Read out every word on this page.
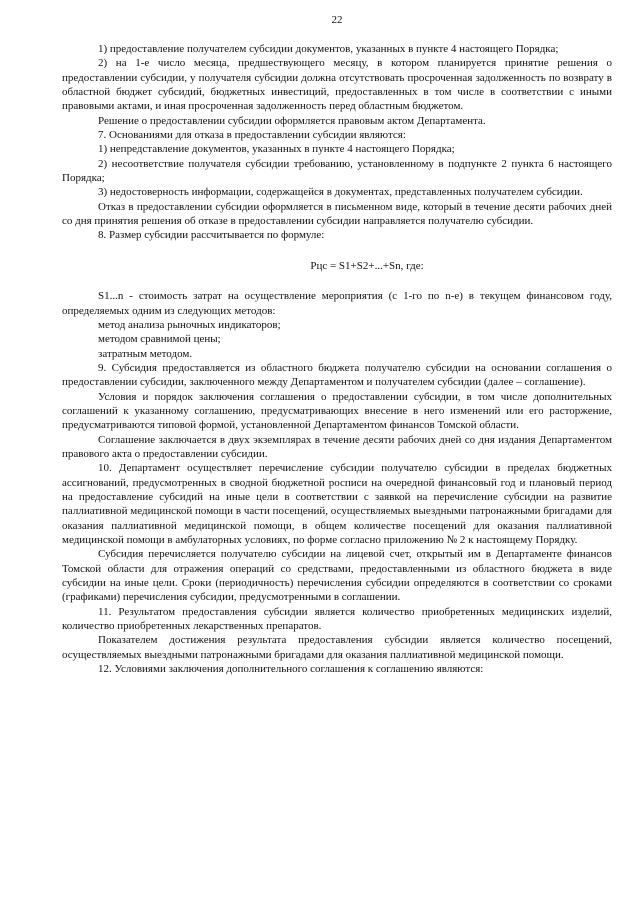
22

1) предоставление получателем субсидии документов, указанных в пункте 4 настоящего Порядка;

2) на 1-е число месяца, предшествующего месяцу, в котором планируется принятие решения о предоставлении субсидии, у получателя субсидии должна отсутствовать просроченная задолженность по возврату в областной бюджет субсидий, бюджетных инвестиций, предоставленных в том числе в соответствии с иными правовыми актами, и иная просроченная задолженность перед областным бюджетом.

Решение о предоставлении субсидии оформляется правовым актом Департамента.

7. Основаниями для отказа в предоставлении субсидии являются:

1) непредставление документов, указанных в пункте 4 настоящего Порядка;

2) несоответствие получателя субсидии требованию, установленному в подпункте 2 пункта 6 настоящего Порядка;

3) недостоверность информации, содержащейся в документах, представленных получателем субсидии.

Отказ в предоставлении субсидии оформляется в письменном виде, который в течение десяти рабочих дней со дня принятия решения об отказе в предоставлении субсидии направляется получателю субсидии.

8. Размер субсидии рассчитывается по формуле:

Рцс = S1+S2+...+Sn, где:

S1...n - стоимость затрат на осуществление мероприятия (с 1-го по n-е) в текущем финансовом году, определяемых одним из следующих методов:

метод анализа рыночных индикаторов;

методом сравнимой цены;

затратным методом.

9. Субсидия предоставляется из областного бюджета получателю субсидии на основании соглашения о предоставлении субсидии, заключенного между Департаментом и получателем субсидии (далее – соглашение).

Условия и порядок заключения соглашения о предоставлении субсидии, в том числе дополнительных соглашений к указанному соглашению, предусматривающих внесение в него изменений или его расторжение, предусматриваются типовой формой, установленной Департаментом финансов Томской области.

Соглашение заключается в двух экземплярах в течение десяти рабочих дней со дня издания Департаментом правового акта о предоставлении субсидии.

10. Департамент осуществляет перечисление субсидии получателю субсидии в пределах бюджетных ассигнований, предусмотренных в сводной бюджетной росписи на очередной финансовый год и плановый период на предоставление субсидий на иные цели в соответствии с заявкой на перечисление субсидии на развитие паллиативной медицинской помощи в части посещений, осуществляемых выездными патронажными бригадами для оказания паллиативной медицинской помощи, в общем количестве посещений для оказания паллиативной медицинской помощи в амбулаторных условиях, по форме согласно приложению № 2 к настоящему Порядку.

Субсидия перечисляется получателю субсидии на лицевой счет, открытый им в Департаменте финансов Томской области для отражения операций со средствами, предоставленными из областного бюджета в виде субсидии на иные цели. Сроки (периодичность) перечисления субсидии определяются в соответствии со сроками (графиками) перечисления субсидии, предусмотренными в соглашении.

11. Результатом предоставления субсидии является количество приобретенных медицинских изделий, количество приобретенных лекарственных препаратов.

Показателем достижения результата предоставления субсидии является количество посещений, осуществляемых выездными патронажными бригадами для оказания паллиативной медицинской помощи.

12. Условиями заключения дополнительного соглашения к соглашению являются:
